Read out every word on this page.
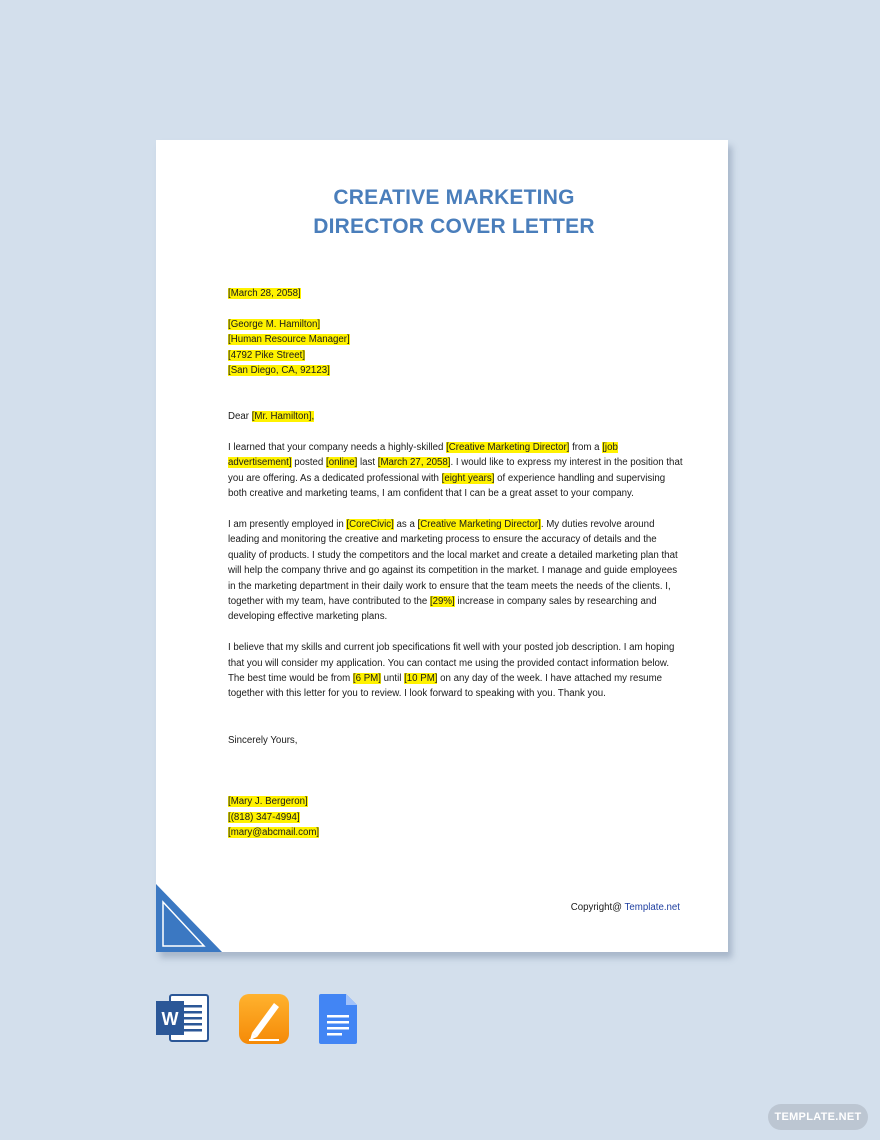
CREATIVE MARKETING
DIRECTOR COVER LETTER

[March 28, 2058]

[George M. Hamilton]

[Human Resource Manager]

[4792 Pike Street]

[San Diego, CA, 92123]

Dear [Mr. Hamilton],

I learned that your company needs a highly-skilled [Creative Marketing Director] from a [job
advertisement] posted [online] last [March 27, 2058]. I would like to express my interest in the position that you are offering. As a dedicated professional with [eight years] of experience handling and supervising both creative and marketing teams, I am confident that I can be a great asset to your company.

I am presently employed in [CoreCivic] as a [Creative Marketing Director]. My duties revolve around leading and monitoring the creative and marketing process to ensure the accuracy of details and the quality of products. I study the competitors and the local market and create a detailed marketing plan that will help the company thrive and go against its competition in the market. I manage and guide employees in the marketing department in their daily work to ensure that the team meets the needs of the clients. I, together with my team, have contributed to the [29%] increase in company sales by researching and developing effective marketing plans.

I believe that my skills and current job specifications fit well with your posted job description. I am hoping that you will consider my application. You can contact me using the provided contact information below. The best time would be from [6 PM] until [10 PM] on any day of the week. I have attached my resume together with this letter for you to review. I look forward to speaking with you. Thank you.

Sincerely Yours,

[Mary J. Bergeron]

[(818) 347-4994]

[mary@abcmail.com]

Copyright@ Template.net
W
TEMPLATE.NET
